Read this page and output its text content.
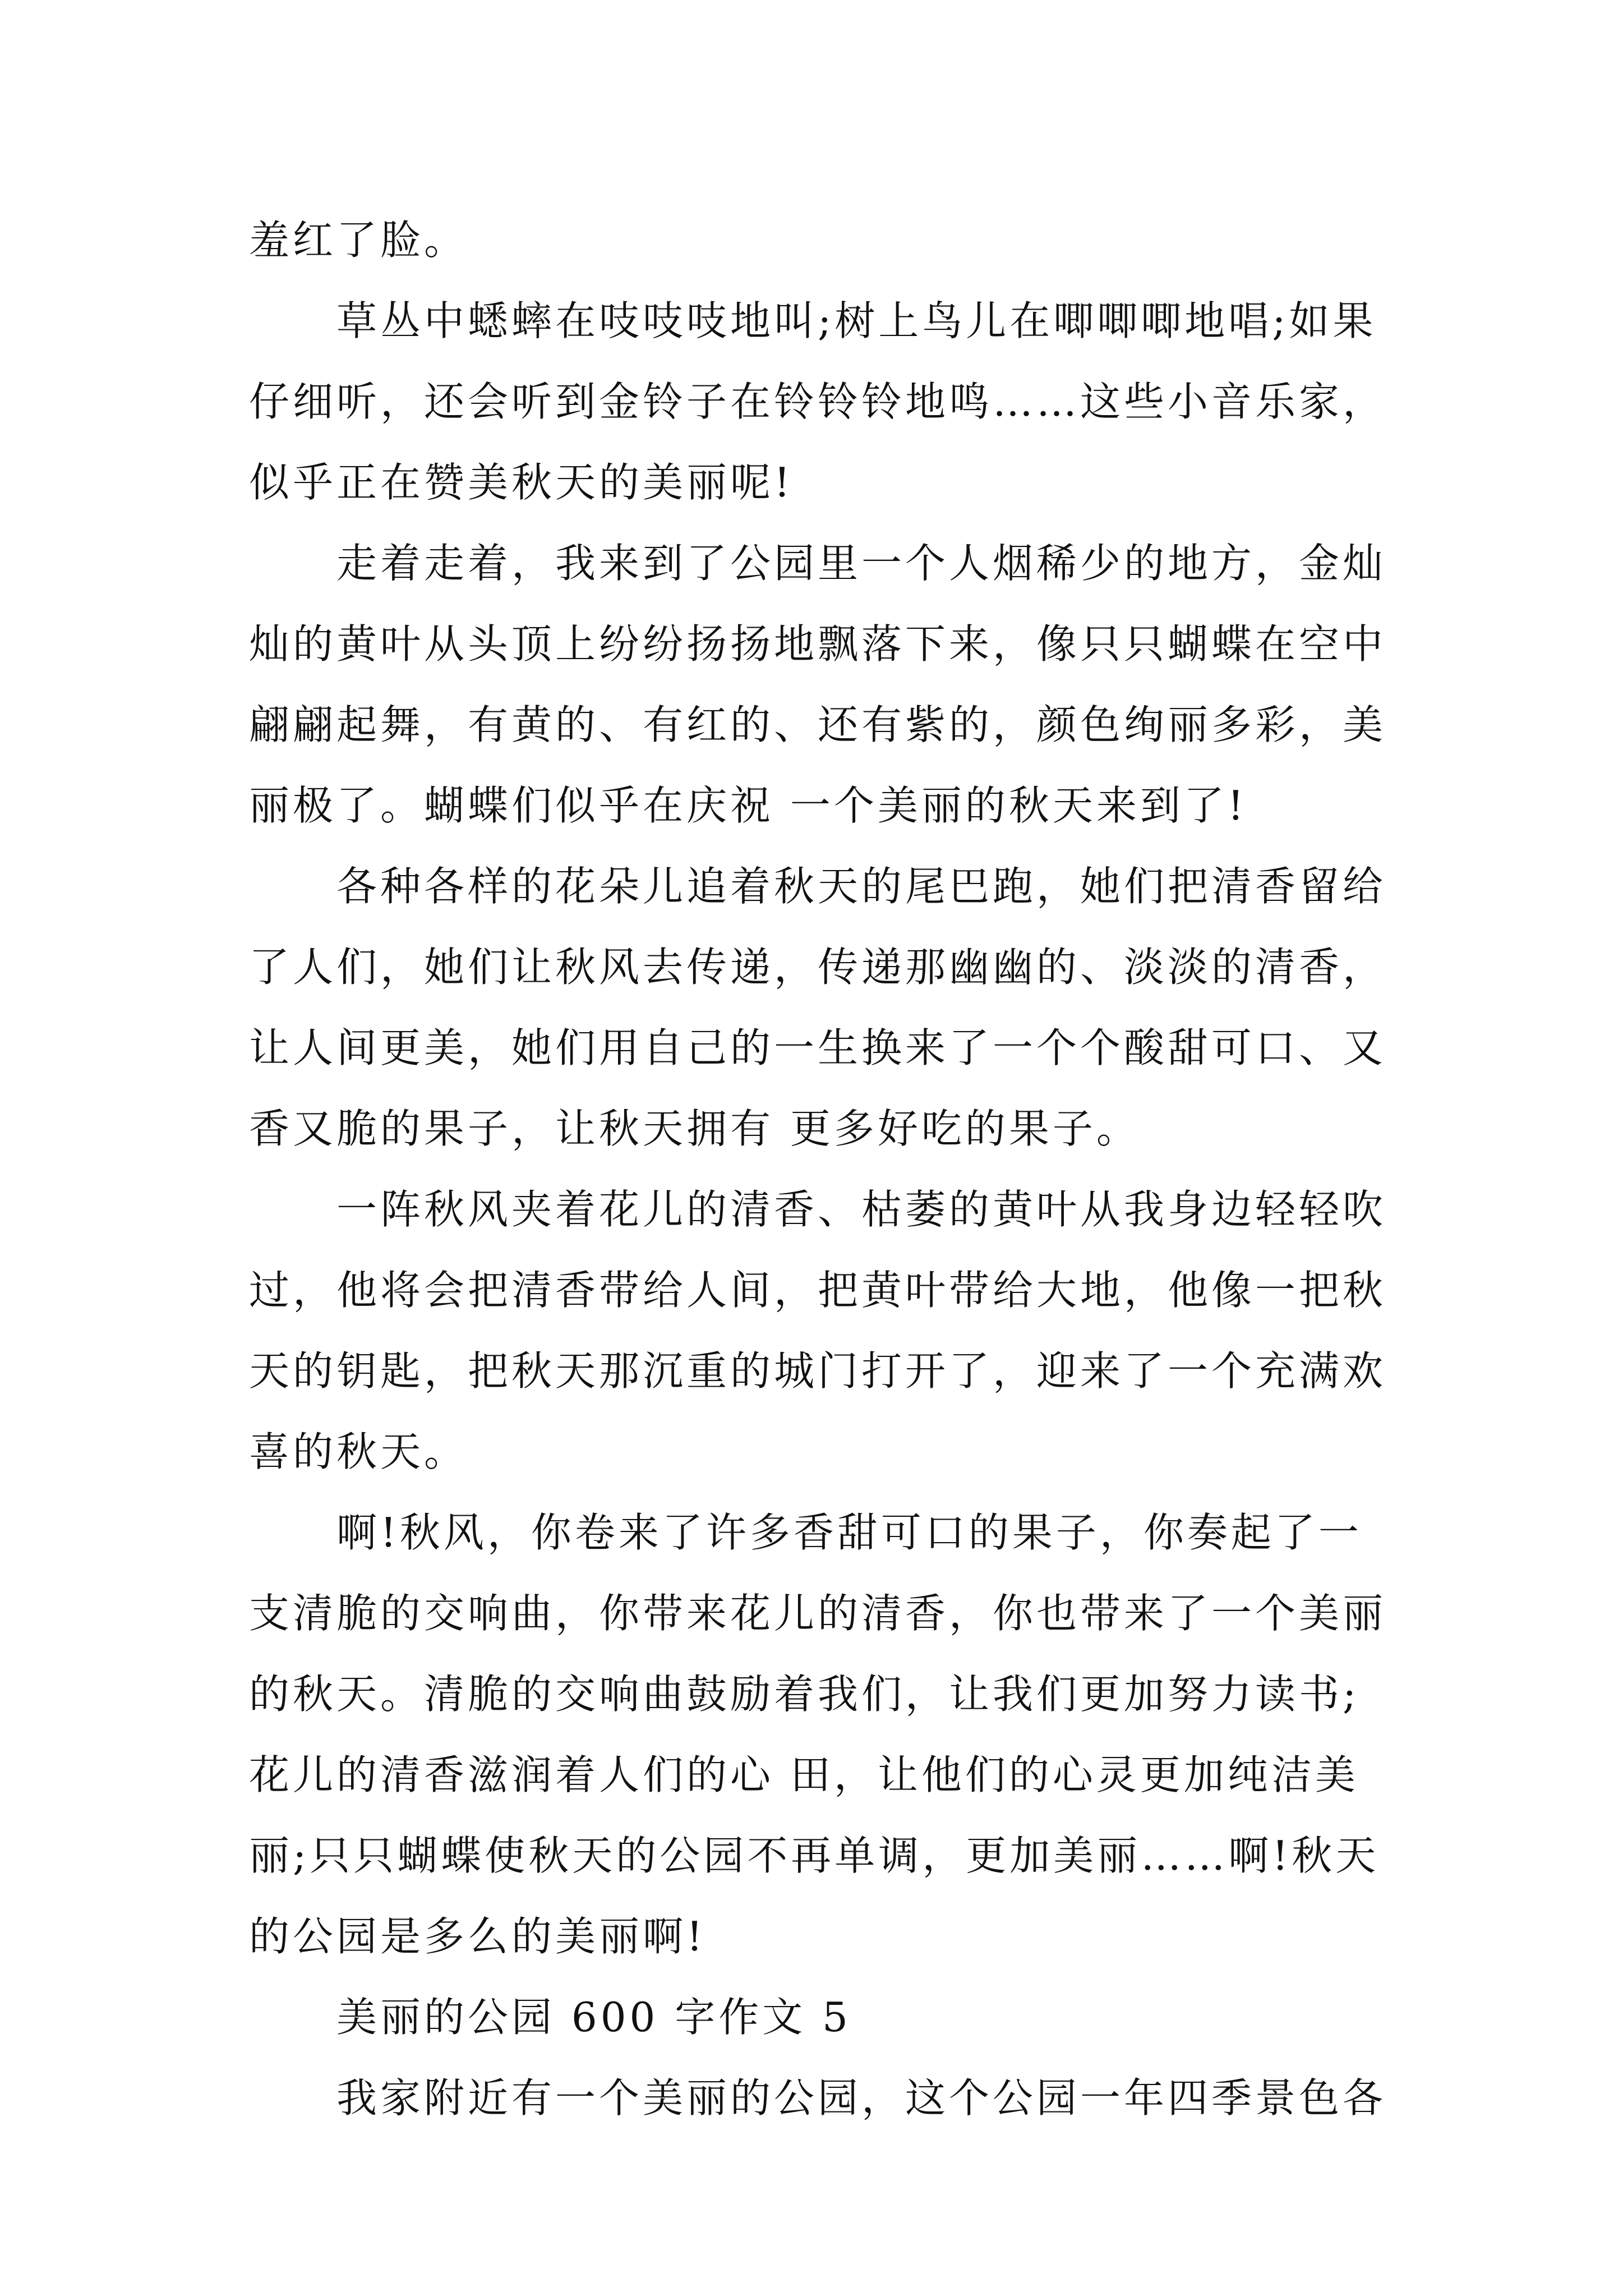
羞红了脸。
草丛中蟋蟀在吱吱吱地叫;树上鸟儿在唧唧唧地唱;如果
仔细听，还会听到金铃子在铃铃铃地鸣……这些小音乐家，
似乎正在赞美秋天的美丽呢!
走着走着，我来到了公园里一个人烟稀少的地方，金灿
灿的黄叶从头顶上纷纷扬扬地飘落下来，像只只蝴蝶在空中
翩翩起舞，有黄的、有红的、还有紫的，颜色绚丽多彩，美
丽极了。蝴蝶们似乎在庆祝 一个美丽的秋天来到了!
各种各样的花朵儿追着秋天的尾巴跑，她们把清香留给
了人们，她们让秋风去传递，传递那幽幽的、淡淡的清香，
让人间更美，她们用自己的一生换来了一个个酸甜可口、又
香又脆的果子，让秋天拥有 更多好吃的果子。
一阵秋风夹着花儿的清香、枯萎的黄叶从我身边轻轻吹
过，他将会把清香带给人间，把黄叶带给大地，他像一把秋
天的钥匙，把秋天那沉重的城门打开了，迎来了一个充满欢
喜的秋天。
啊!秋风，你卷来了许多香甜可口的果子，你奏起了一
支清脆的交响曲，你带来花儿的清香，你也带来了一个美丽
的秋天。清脆的交响曲鼓励着我们，让我们更加努力读书;
花儿的清香滋润着人们的心 田，让他们的心灵更加纯洁美
丽;只只蝴蝶使秋天的公园不再单调，更加美丽……啊!秋天
的公园是多么的美丽啊!
美丽的公园 600 字作文 5
我家附近有一个美丽的公园，这个公园一年四季景色各
